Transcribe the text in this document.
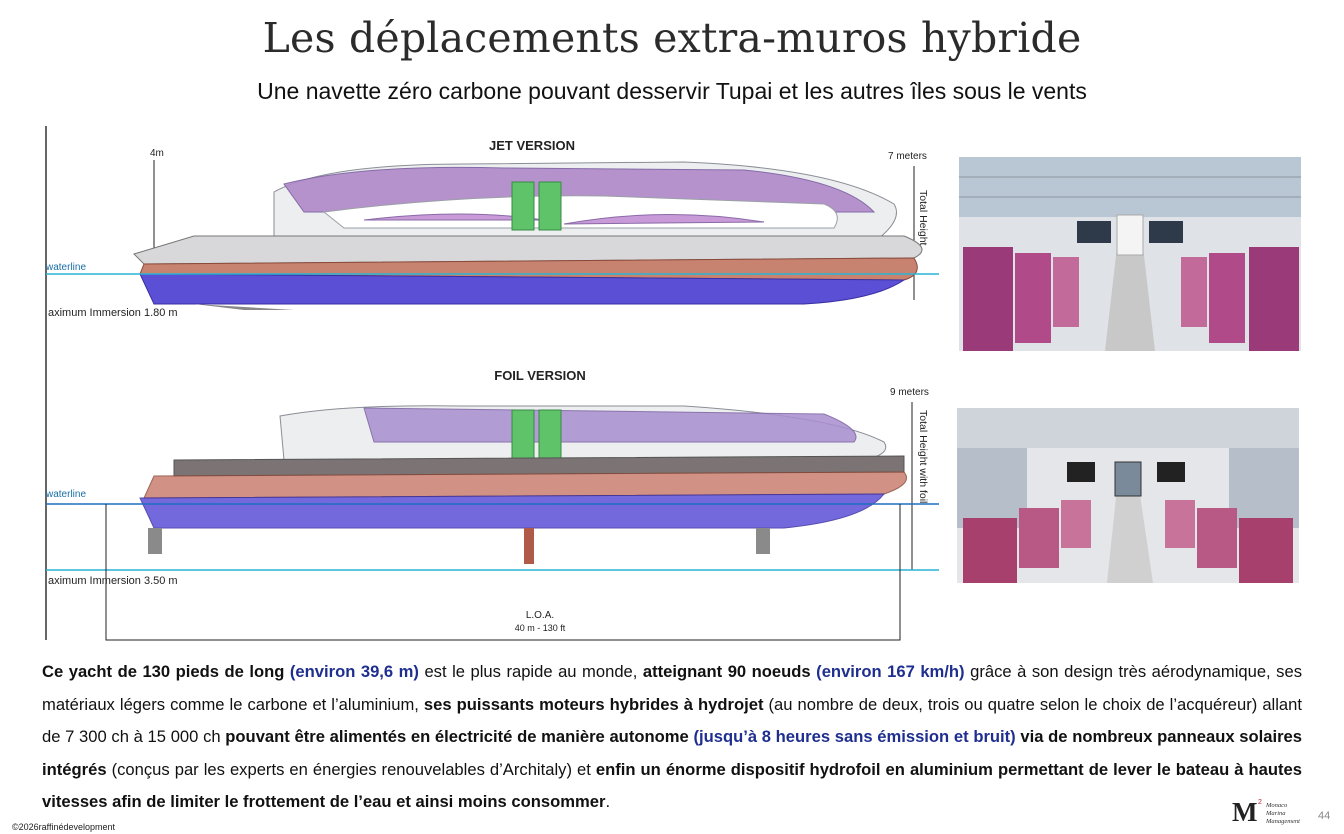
Les déplacements extra-muros hybride
Une navette zéro carbone pouvant desservir Tupai et les autres îles sous le vents
JET VERSION
4m	7 meters
Total Height
waterline
aximum Immersion 1.80 m
FOIL VERSION
9 meters
Total Height with foil
waterline
aximum Immersion 3.50 m
L.O.A.
40 m - 130 ft
Ce yacht de 130 pieds de long (environ 39,6 m) est le plus rapide au monde, atteignant 90 noeuds (environ 167 km/h) grâce à son design très aérodynamique, ses matériaux légers comme le carbone et l’aluminium, ses puissants moteurs hybrides à hydrojet (au nombre de deux, trois ou quatre selon le choix de l’acquéreur) allant de 7 300 ch à 15 000 ch pouvant être alimentés en électricité de manière autonome (jusqu’à 8 heures sans émission et bruit) via de nombreux panneaux solaires intégrés (conçus par les experts en énergies renouvelables d’Architaly) et enfin un énorme dispositif hydrofoil en aluminium permettant de lever le bateau à hautes vitesses afin de limiter le frottement de l’eau et ainsi moins consommer.
©2026raffinédevelopment	M 2 Monaco
Marina
Management 44
